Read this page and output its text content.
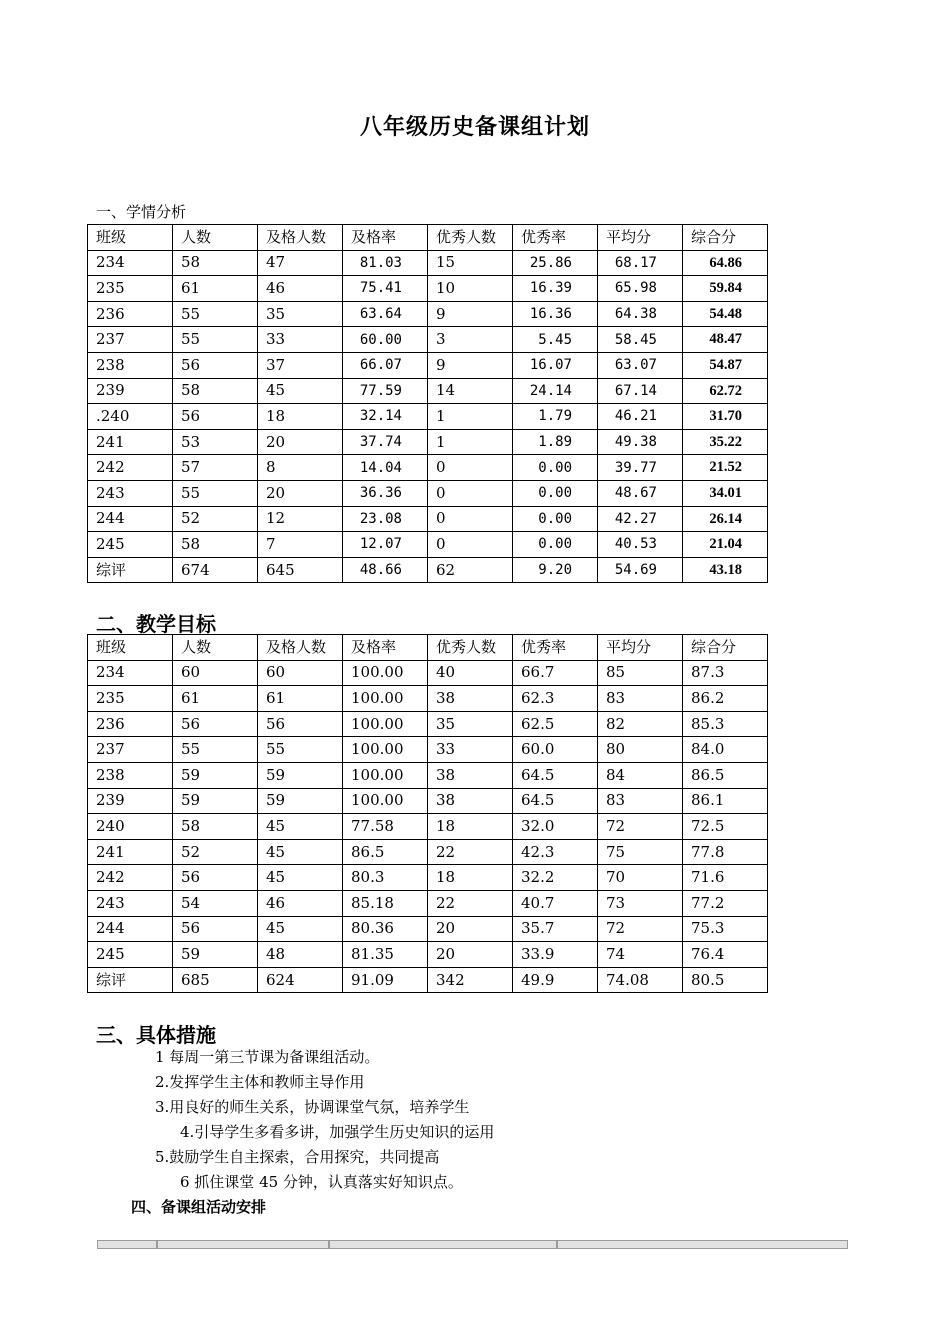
八年级历史备课组计划
一、学情分析
班级	人数	及格人数	及格率	优秀人数	优秀率	平均分	综合分
234	58	47	81.03	15	25.86	68.17	64.86
235	61	46	75.41	10	16.39	65.98	59.84
236	55	35	63.64	9	16.36	64.38	54.48
237	55	33	60.00	3	5.45	58.45	48.47
238	56	37	66.07	9	16.07	63.07	54.87
239	58	45	77.59	14	24.14	67.14	62.72
.240	56	18	32.14	1	1.79	46.21	31.70
241	53	20	37.74	1	1.89	49.38	35.22
242	57	8	14.04	0	0.00	39.77	21.52
243	55	20	36.36	0	0.00	48.67	34.01
244	52	12	23.08	0	0.00	42.27	26.14
245	58	7	12.07	0	0.00	40.53	21.04
综评	674	645	48.66	62	9.20	54.69	43.18
二、教学目标
班级	人数	及格人数	及格率	优秀人数	优秀率	平均分	综合分
234	60	60	100.00	40	66.7	85	87.3
235	61	61	100.00	38	62.3	83	86.2
236	56	56	100.00	35	62.5	82	85.3
237	55	55	100.00	33	60.0	80	84.0
238	59	59	100.00	38	64.5	84	86.5
239	59	59	100.00	38	64.5	83	86.1
240	58	45	77.58	18	32.0	72	72.5
241	52	45	86.5	22	42.3	75	77.8
242	56	45	80.3	18	32.2	70	71.6
243	54	46	85.18	22	40.7	73	77.2
244	56	45	80.36	20	35.7	72	75.3
245	59	48	81.35	20	33.9	74	76.4
综评	685	624	91.09	342	49.9	74.08	80.5
三、具体措施
1 每周一第三节课为备课组活动。
2.发挥学生主体和教师主导作用
3.用良好的师生关系，协调课堂气氛，培养学生
4.引导学生多看多讲，加强学生历史知识的运用
5.鼓励学生自主探索，合用探究，共同提高
6 抓住课堂 45 分钟，认真落实好知识点。
四、备课组活动安排
